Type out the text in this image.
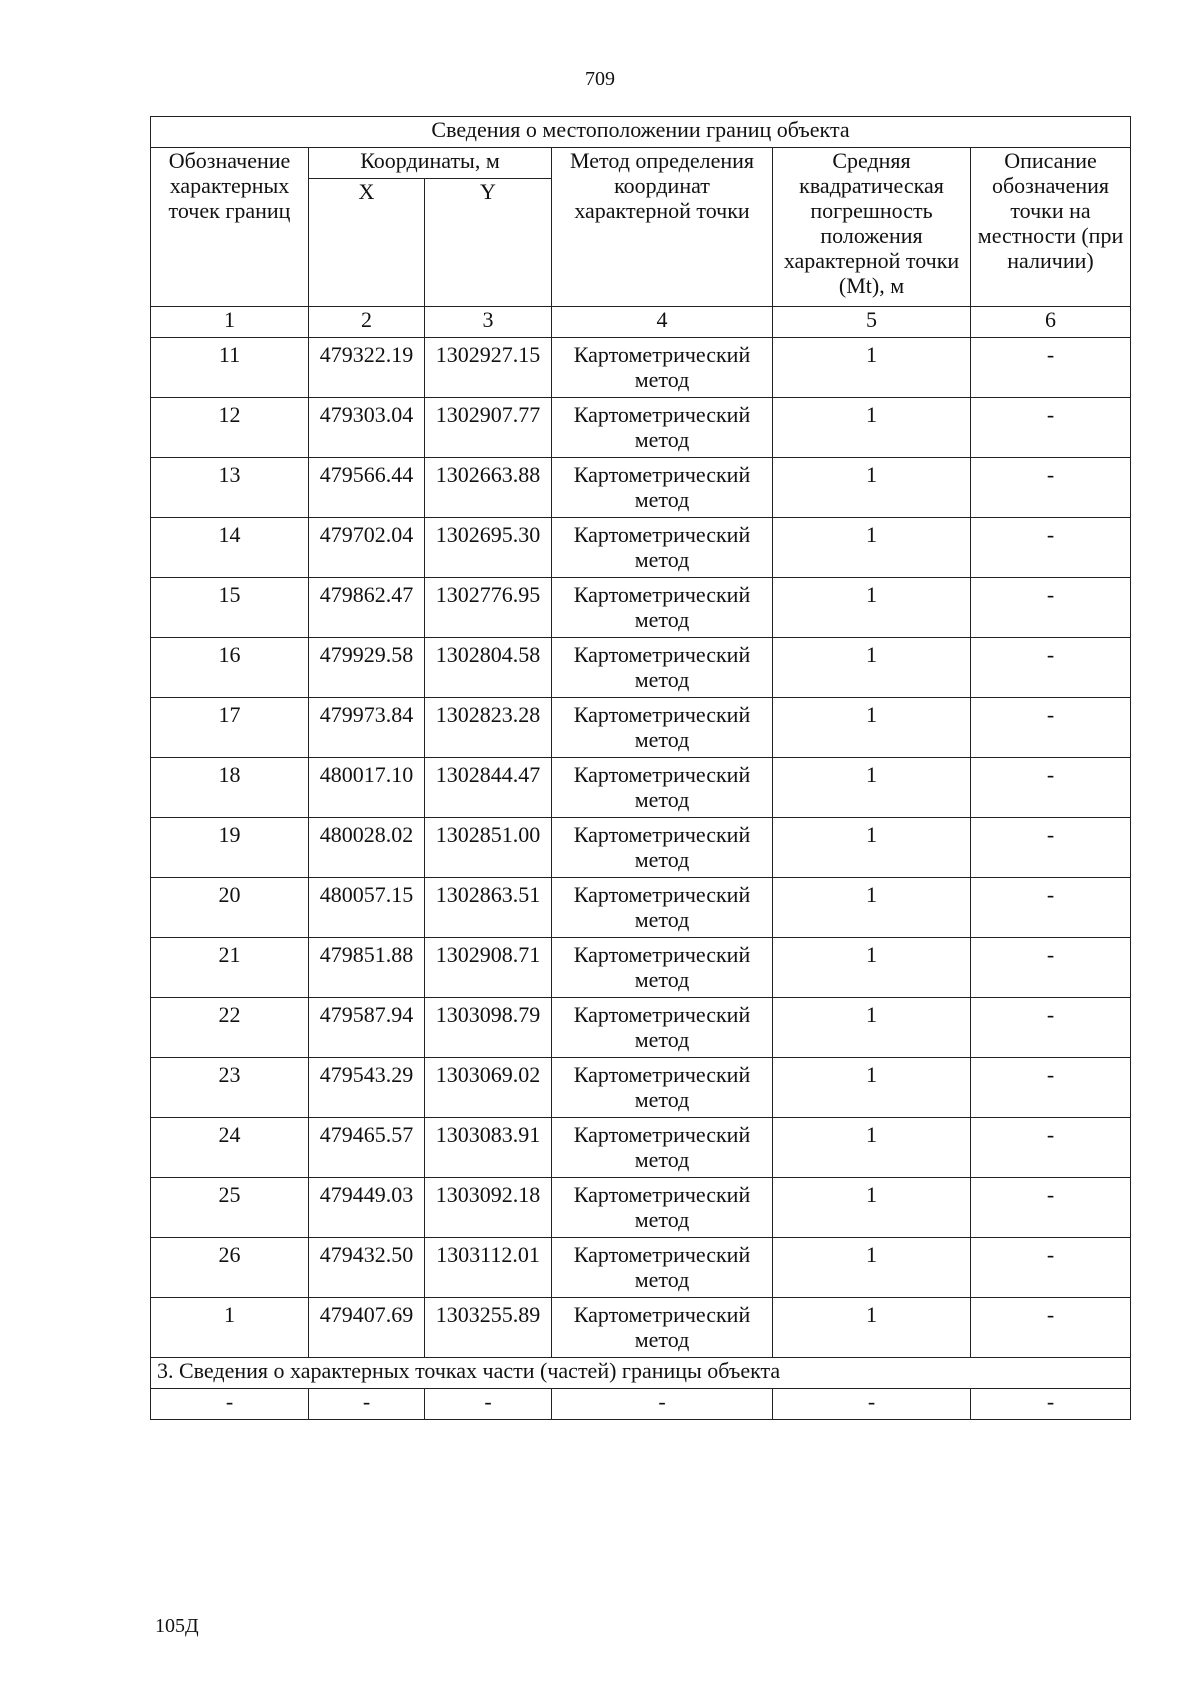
709
Сведения о местоположении границ объекта					
Обозначение характерных точек границ	Координаты, м		Метод определения координат характерной точки	Средняя квадратическая погрешность положения характерной точки (Mt), м	Описание обозначения точки на местности (при наличии)
	X	Y			
1	2	3	4	5	6
11	479322.19	1302927.15	Картометрический метод	1	-
12	479303.04	1302907.77	Картометрический метод	1	-
13	479566.44	1302663.88	Картометрический метод	1	-
14	479702.04	1302695.30	Картометрический метод	1	-
15	479862.47	1302776.95	Картометрический метод	1	-
16	479929.58	1302804.58	Картометрический метод	1	-
17	479973.84	1302823.28	Картометрический метод	1	-
18	480017.10	1302844.47	Картометрический метод	1	-
19	480028.02	1302851.00	Картометрический метод	1	-
20	480057.15	1302863.51	Картометрический метод	1	-
21	479851.88	1302908.71	Картометрический метод	1	-
22	479587.94	1303098.79	Картометрический метод	1	-
23	479543.29	1303069.02	Картометрический метод	1	-
24	479465.57	1303083.91	Картометрический метод	1	-
25	479449.03	1303092.18	Картометрический метод	1	-
26	479432.50	1303112.01	Картометрический метод	1	-
1	479407.69	1303255.89	Картометрический метод	1	-
3. Сведения о характерных точках части (частей) границы объекта					
-	-	-	-	-	-
105Д
